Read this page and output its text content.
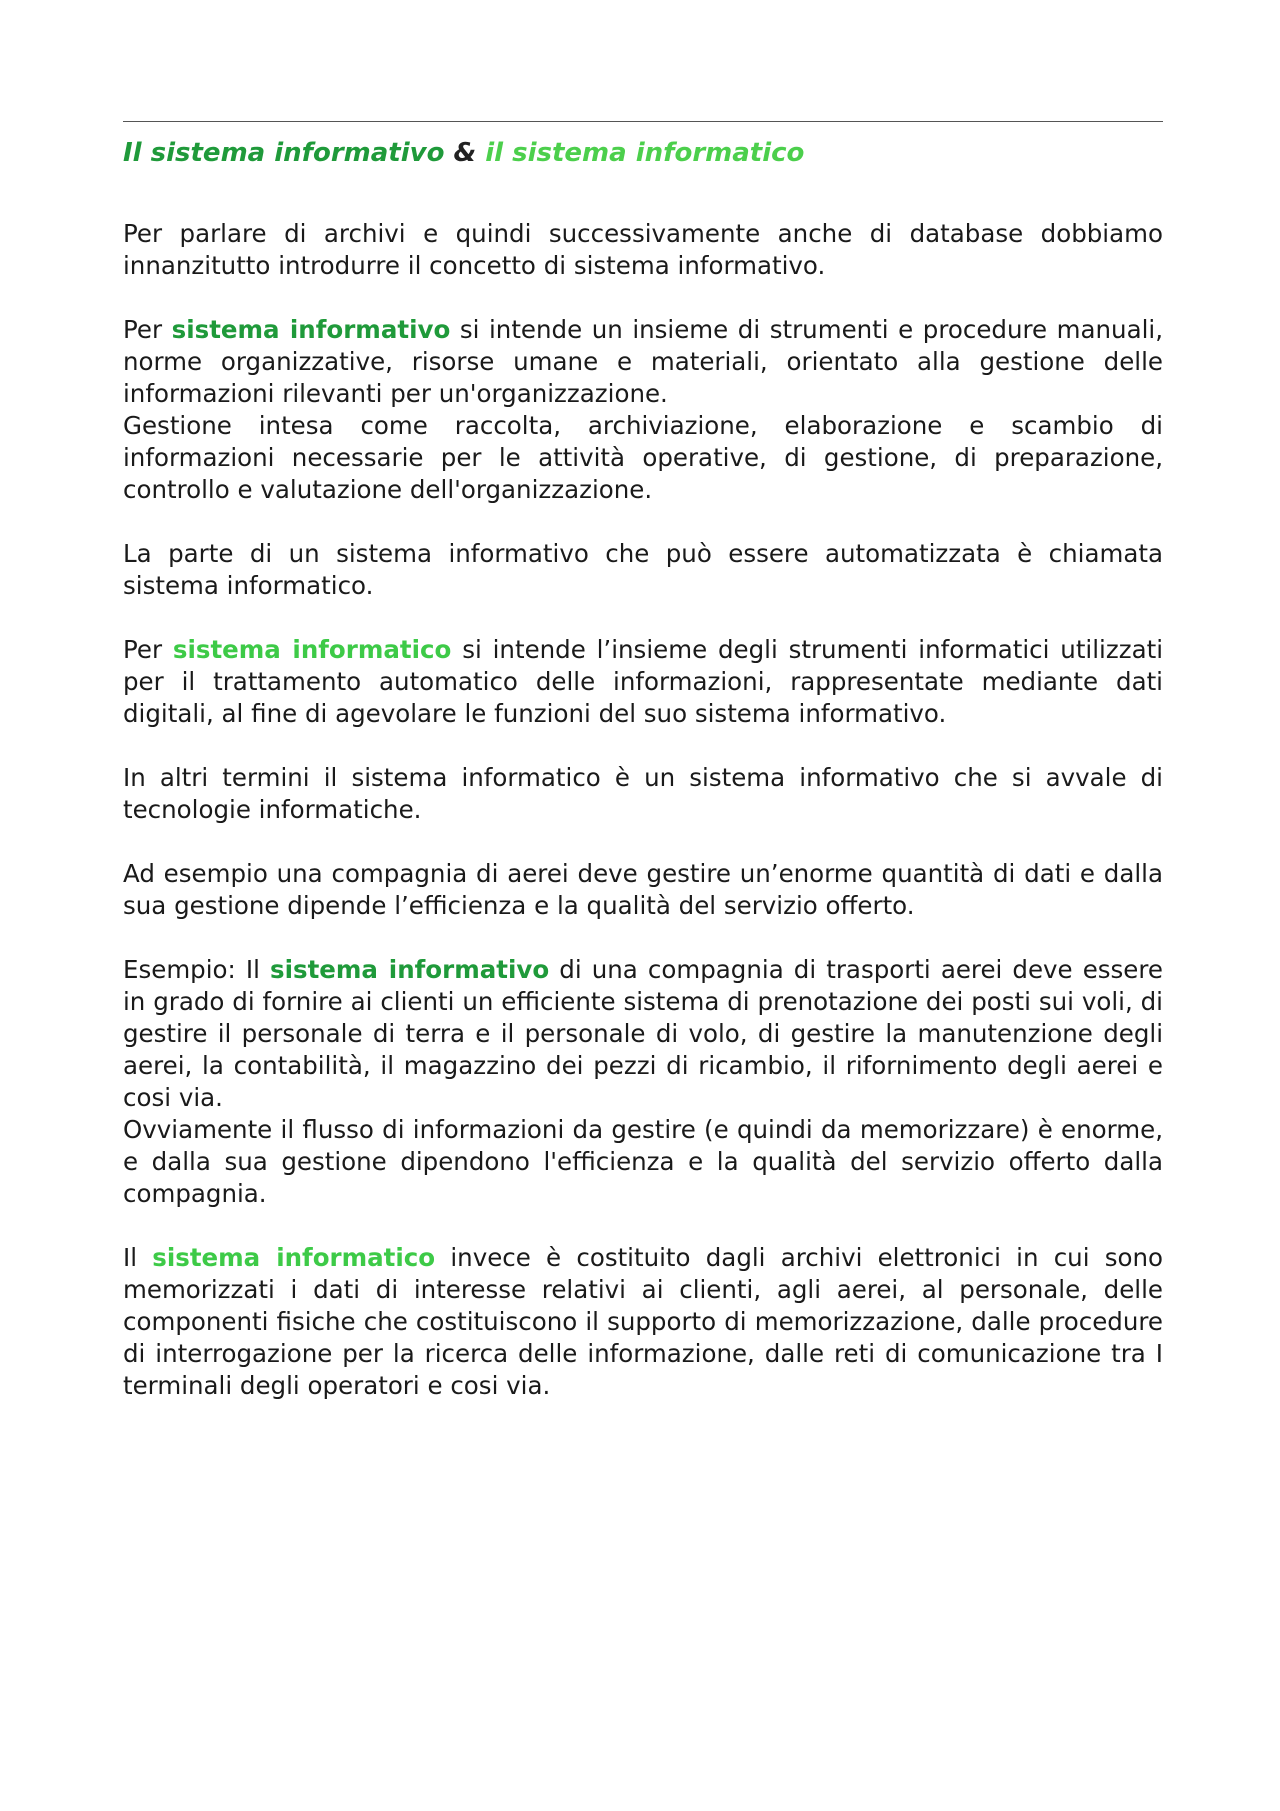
Il sistema informativo & il sistema informatico

Per parlare di archivi e quindi successivamente anche di database dobbiamo innanzitutto introdurre il concetto di sistema informativo.

Per sistema informativo si intende un insieme di strumenti e procedure manuali, norme organizzative, risorse umane e materiali, orientato alla gestione delle informazioni rilevanti per un'organizzazione.

Gestione intesa come raccolta, archiviazione, elaborazione e scambio di informazioni necessarie per le attività operative, di gestione, di preparazione, controllo e valutazione dell'organizzazione.

La parte di un sistema informativo che può essere automatizzata è chiamata sistema informatico.

Per sistema informatico si intende l’insieme degli strumenti informatici utilizzati per il trattamento automatico delle informazioni, rappresentate mediante dati digitali, al fine di agevolare le funzioni del suo sistema informativo.

In altri termini il sistema informatico è un sistema informativo che si avvale di tecnologie informatiche.

Ad esempio una compagnia di aerei deve gestire un’enorme quantità di dati e dalla sua gestione dipende l’efficienza e la qualità del servizio offerto.

Esempio: Il sistema informativo di una compagnia di trasporti aerei deve essere in grado di fornire ai clienti un efficiente sistema di prenotazione dei posti sui voli, di gestire il personale di terra e il personale di volo, di gestire la manutenzione degli aerei, la contabilità, il magazzino dei pezzi di ricambio, il rifornimento degli aerei e cosi via.

Ovviamente il flusso di informazioni da gestire (e quindi da memorizzare) è enorme, e dalla sua gestione dipendono l'efficienza e la qualità del servizio offerto dalla compagnia.

Il sistema informatico invece è costituito dagli archivi elettronici in cui sono memorizzati i dati di interesse relativi ai clienti, agli aerei, al personale, delle componenti fisiche che costituiscono il supporto di memorizzazione, dalle procedure di interrogazione per la ricerca delle informazione, dalle reti di comunicazione tra I terminali degli operatori e cosi via.
